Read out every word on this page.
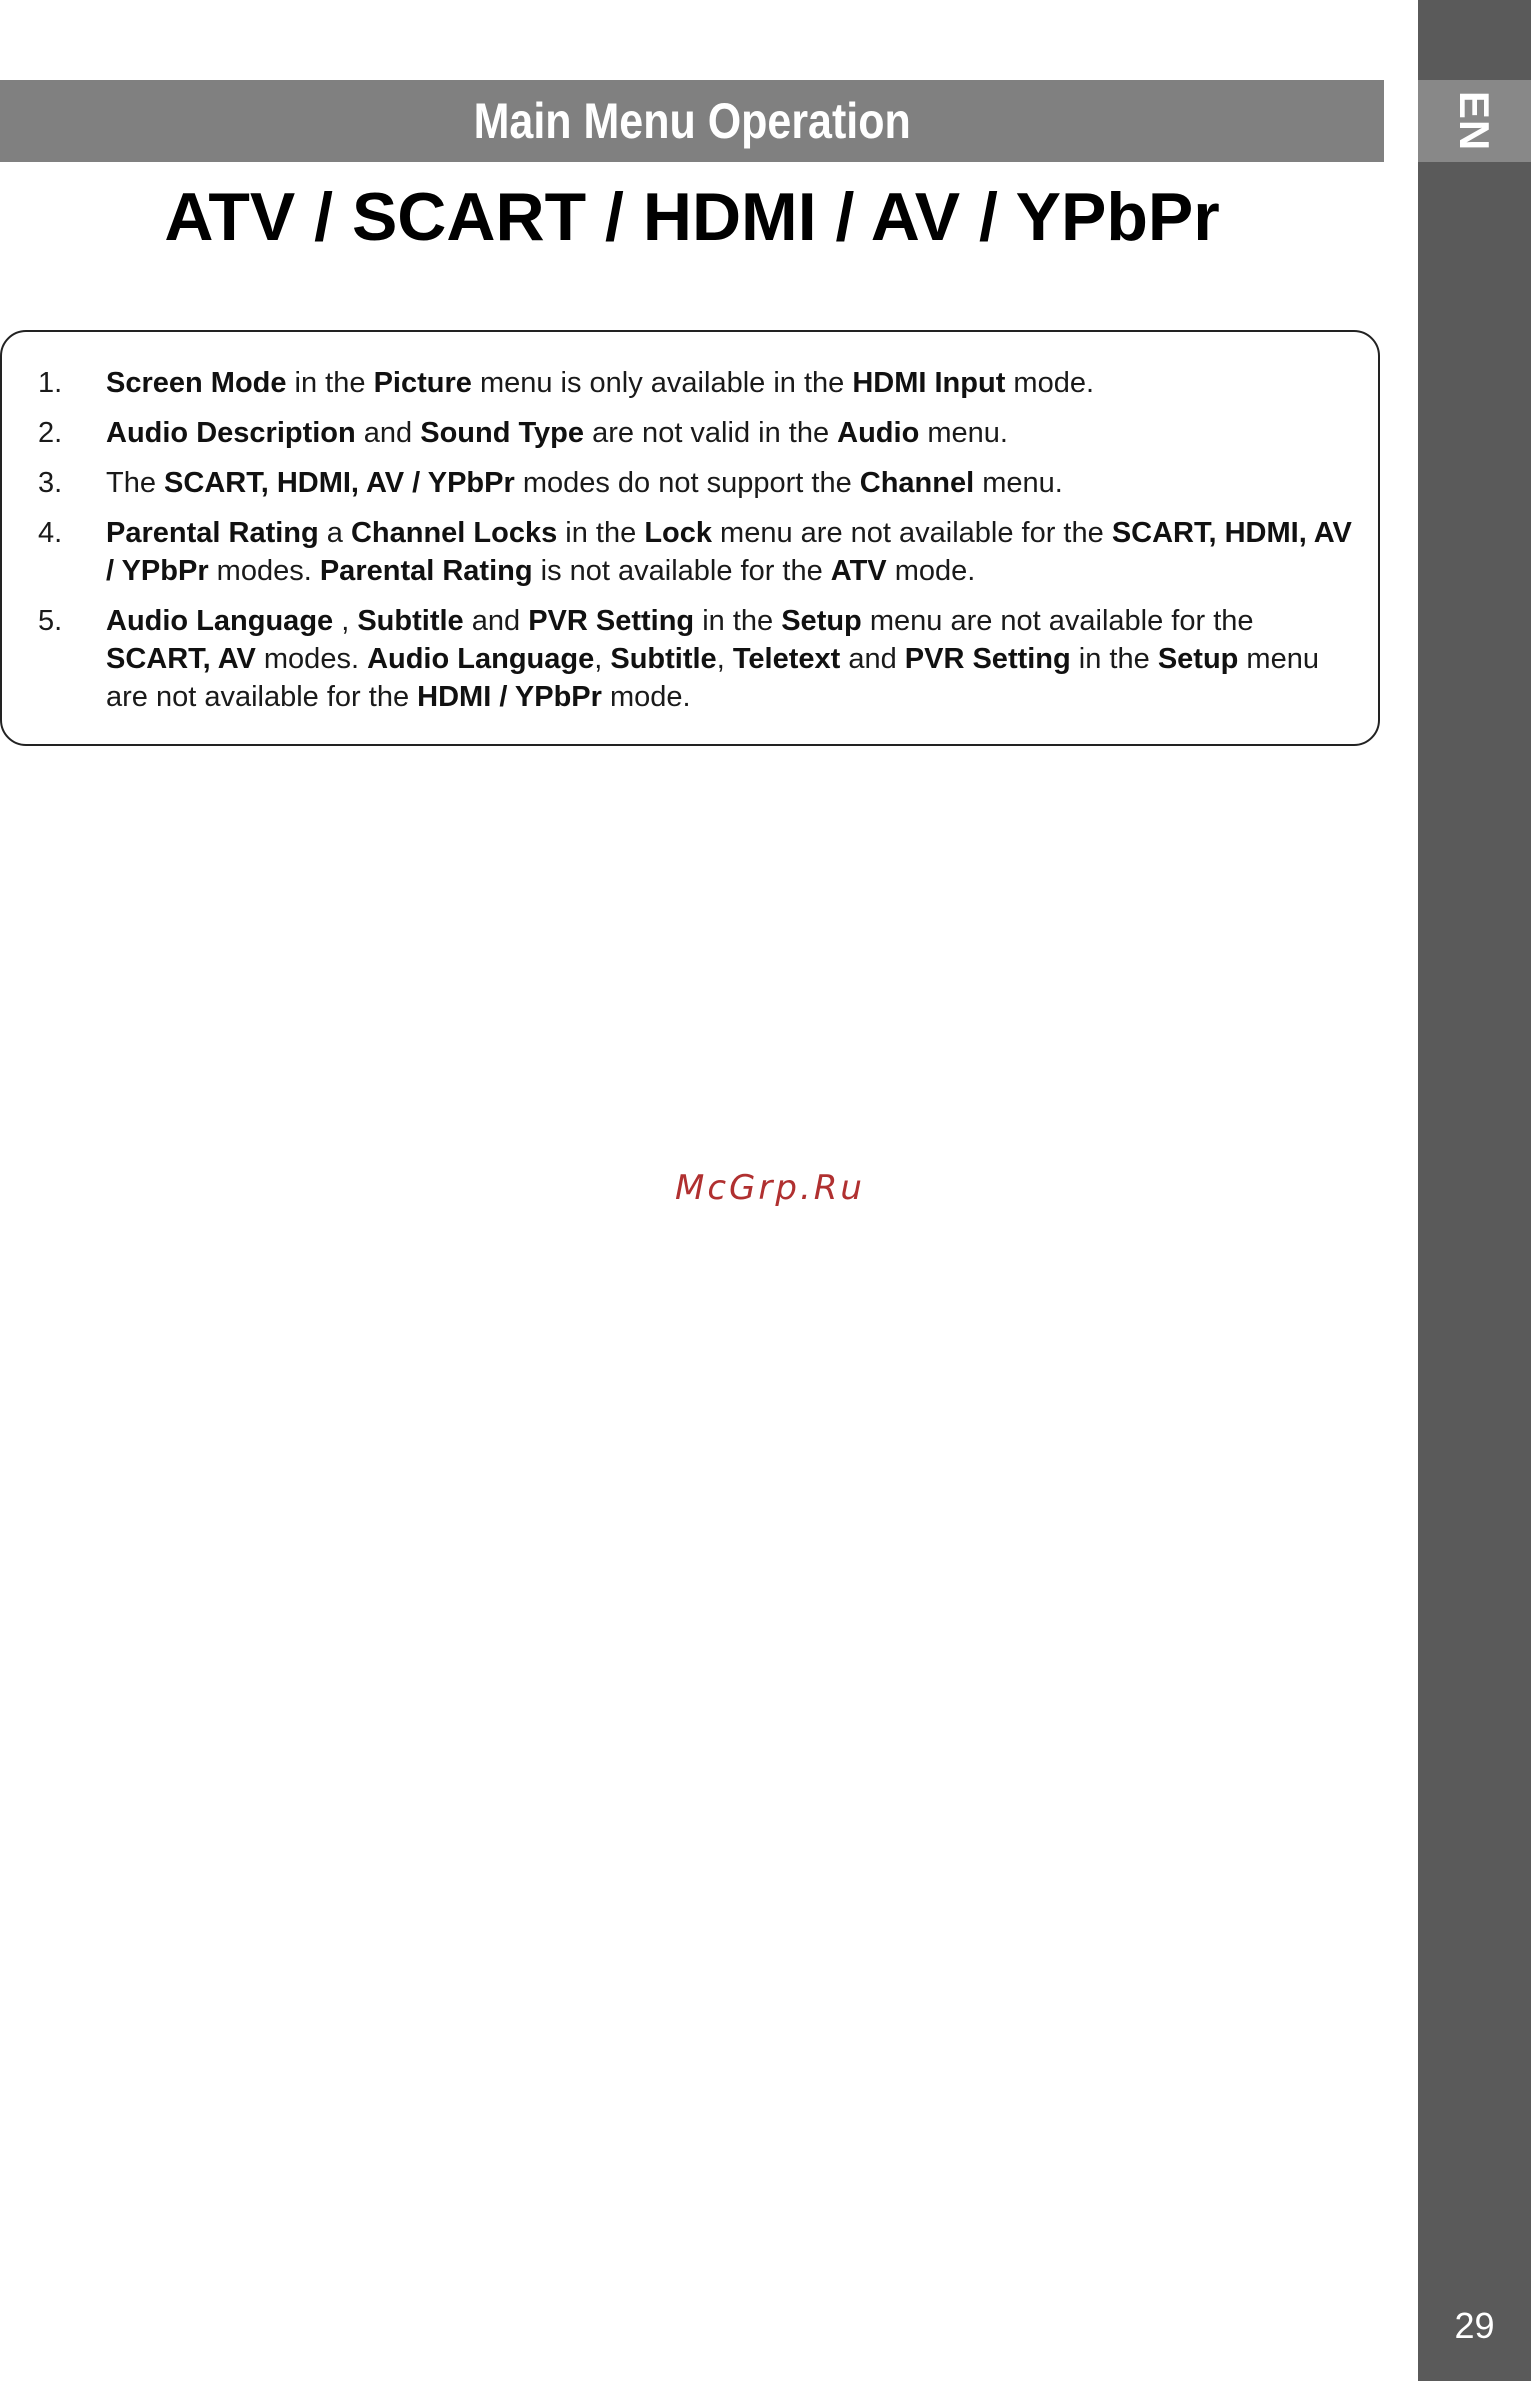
EN
29
Main Menu Operation
ATV / SCART / HDMI / AV / YPbPr
1. Screen Mode in the Picture menu is only available in the HDMI Input mode.
2. Audio Description and Sound Type are not valid in the Audio menu.
3. The SCART, HDMI, AV / YPbPr modes do not support the Channel menu.
4. Parental Rating a Channel Locks in the Lock menu are not available for the SCART, HDMI, AV / YPbPr modes. Parental Rating is not available for the ATV mode.
5. Audio Language , Subtitle and PVR Setting in the Setup menu are not available for the SCART, AV modes. Audio Language, Subtitle, Teletext and PVR Setting in the Setup menu are not available for the HDMI / YPbPr mode.
McGrp.Ru
